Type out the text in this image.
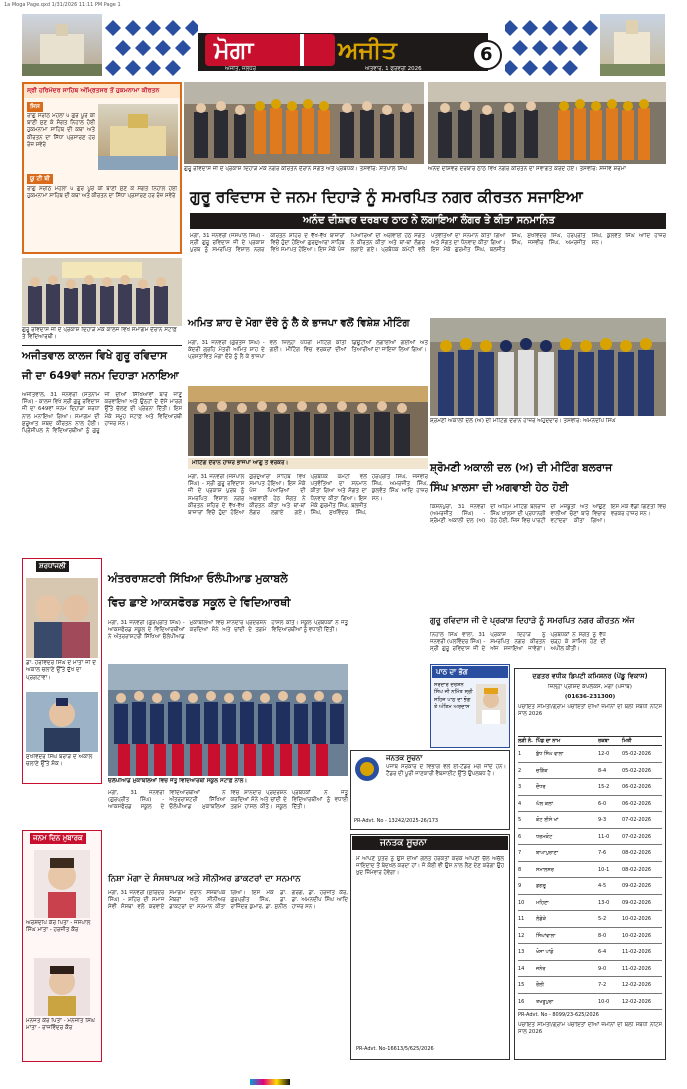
1a Moga Page.qxd 1/31/2026 11:11 PM Page 1
ਮੋਗਾ	ਅਜੀਤ	6
ਅਜੀਤ, ਜਲੰਧਰ	ਐਤਵਾਰ, 1 ਫਰਵਰੀ 2026
ਸ੍ਰੀ ਹਰਿਮੰਦਰ ਸਾਹਿਬ ਅੰਮ੍ਰਿਤਸਰ ਤੋਂ ਹੁਕਮਨਾਮਾ ਕੀਰਤਨ
ਜਿਸ
ਰਾਗੁ ਸੋਰਠਿ ਮਹਲਾ ੫ ਗੁਰ ਪੂਰੇ ਕੀ ਬਾਣੀ ਸੁਣ ਕੇ ਸੰਗਤ ਨਿਹਾਲ ਹੋਈ ਹੁਕਮਨਾਮਾ ਸਾਹਿਬ ਦੀ ਕਥਾ ਅਤੇ ਕੀਰਤਨ ਦਾ ਸਿੱਧਾ ਪ੍ਰਸਾਰਣ ਹਰ ਰੋਜ਼ ਸਵੇਰੇ
ਯੂ ਟੀ ਬੀ
ਰਾਗੁ ਸੋਰਠਿ ਮਹਲਾ ੫ ਗੁਰ ਪੂਰੇ ਕੀ ਬਾਣੀ ਸੁਣ ਕੇ ਸੰਗਤ ਨਿਹਾਲ ਹੋਈ ਹੁਕਮਨਾਮਾ ਸਾਹਿਬ ਦੀ ਕਥਾ ਅਤੇ ਕੀਰਤਨ ਦਾ ਸਿੱਧਾ ਪ੍ਰਸਾਰਣ ਹਰ ਰੋਜ਼ ਸਵੇਰੇ
ਗੁਰੂ ਰਵਿਦਾਸ ਜੀ ਦੇ ਪ੍ਰਕਾਸ਼ ਦਿਹਾੜੇ ਮੌਕੇ ਨਗਰ ਕੀਰਤਨ ਦੌਰਾਨ ਸੰਗਤ ਅਤੇ ਪ੍ਰਬੰਧਕ। ਤਸਵੀਰ: ਸਤਪਾਲ ਸਿੰਘ	ਅਨੰਦ ਦੀਸ਼ਵਰ ਦਰਬਾਰ ਠਾਠ ਵਿਖੇ ਨਗਰ ਕੀਰਤਨ ਦਾ ਸਵਾਗਤ ਕਰਦੇ ਹੋਏ। ਤਸਵੀਰ: ਸੰਜੀਵ ਸ਼ਰਮਾ
ਗੁਰੂ ਰਵਿਦਾਸ ਦੇ ਜਨਮ ਦਿਹਾੜੇ ਨੂੰ ਸਮਰਪਿਤ ਨਗਰ ਕੀਰਤਨ ਸਜਾਇਆ
ਅਨੰਦ ਦੀਸ਼ਵਰ ਦਰਬਾਰ ਠਾਠ ਨੇ ਲਗਾਇਆ ਲੰਗਰ ਤੇ ਕੀਤਾ ਸਨਮਾਨਿਤ
ਮੋਗਾ, 31 ਜਨਵਰੀ (ਜਸਪਾਲ ਸਿੰਘ) - ਸ੍ਰੀ ਗੁਰੂ ਰਵਿਦਾਸ ਜੀ ਦੇ ਪ੍ਰਕਾਸ਼ ਪੁਰਬ ਨੂੰ ਸਮਰਪਿਤ ਵਿਸ਼ਾਲ ਨਗਰ ਕੀਰਤਨ ਸ਼ਹਿਰ ਦੇ ਵੱਖ-ਵੱਖ ਬਾਜ਼ਾਰਾਂ ਵਿਚੋਂ ਹੁੰਦਾ ਹੋਇਆ ਗੁਰਦੁਆਰਾ ਸਾਹਿਬ ਵਿਖੇ ਸਮਾਪਤ ਹੋਇਆ। ਇਸ ਮੌਕੇ ਪੰਜ ਪਿਆਰਿਆਂ ਦੀ ਅਗਵਾਈ ਹੇਠ ਸੰਗਤ ਨੇ ਕੀਰਤਨ ਕੀਤਾ ਅਤੇ ਥਾਂ-ਥਾਂ ਲੰਗਰ ਲਗਾਏ ਗਏ। ਪ੍ਰਬੰਧਕ ਕਮੇਟੀ ਵਲੋਂ ਪਤਵੰਤਿਆਂ ਦਾ ਸਨਮਾਨ ਕੀਤਾ ਗਿਆ ਅਤੇ ਸੰਗਤ ਦਾ ਧੰਨਵਾਦ ਕੀਤਾ ਗਿਆ। ਇਸ ਮੌਕੇ ਗੁਰਮੀਤ ਸਿੰਘ, ਬਲਜੀਤ ਸਿੰਘ, ਸੁਖਵਿੰਦਰ ਸਿੰਘ, ਹਰਪ੍ਰੀਤ ਸਿੰਘ, ਜਸਵੀਰ ਸਿੰਘ, ਅਮਰਜੀਤ ਸਿੰਘ, ਕੁਲਵੰਤ ਸਿੰਘ ਆਦਿ ਹਾਜ਼ਰ ਸਨ।
ਗੁਰੂ ਰਵਿਦਾਸ ਜੀ ਦੇ ਪ੍ਰਕਾਸ਼ ਦਿਹਾੜੇ ਮੌਕੇ ਕਾਲਜ ਵਿਖੇ ਸਮਾਗਮ ਦੌਰਾਨ ਸਟਾਫ਼ ਤੇ ਵਿਦਿਆਰਥੀ।
ਅਜੀਤਵਾਲ ਕਾਲਜ ਵਿਖੇ ਗੁਰੂ ਰਵਿਦਾਸ
ਜੀ ਦਾ 649ਵਾਂ ਜਨਮ ਦਿਹਾੜਾ ਮਨਾਇਆ
ਅਜੀਤਵਾਲ, 31 ਜਨਵਰੀ (ਸਤਨਾਮ ਸਿੰਘ) - ਕਾਲਜ ਵਿਖੇ ਸ੍ਰੀ ਗੁਰੂ ਰਵਿਦਾਸ ਜੀ ਦਾ 649ਵਾਂ ਜਨਮ ਦਿਹਾੜਾ ਸ਼ਰਧਾ ਨਾਲ ਮਨਾਇਆ ਗਿਆ। ਸਮਾਗਮ ਦੀ ਸ਼ੁਰੂਆਤ ਸ਼ਬਦ ਕੀਰਤਨ ਨਾਲ ਹੋਈ। ਪ੍ਰਿੰਸੀਪਲ ਨੇ ਵਿਦਿਆਰਥੀਆਂ ਨੂੰ ਗੁਰੂ ਜੀ ਦੀਆਂ ਸਿੱਖਿਆਵਾਂ ਬਾਰੇ ਜਾਣੂ ਕਰਵਾਇਆ ਅਤੇ ਉਨ੍ਹਾਂ ਦੇ ਦੱਸੇ ਮਾਰਗ ਉੱਤੇ ਚੱਲਣ ਦੀ ਪ੍ਰੇਰਨਾ ਦਿੱਤੀ। ਇਸ ਮੌਕੇ ਸਮੂਹ ਸਟਾਫ਼ ਅਤੇ ਵਿਦਿਆਰਥੀ ਹਾਜ਼ਰ ਸਨ।
ਸ਼ਰਧਾਂਜਲੀ
ਡਾ. ਹਰਵਿੰਦਰ ਸਿੰਘ ਦੇ ਮਾਤਾ ਜੀ ਦੇ ਅਕਾਲ ਚਲਾਣੇ ਉੱਤੇ ਦੁੱਖ ਦਾ ਪ੍ਰਗਟਾਵਾ।
ਸੁਖਵਿੰਦਰ ਸਿੰਘ ਬਰਾੜ ਦੇ ਅਕਾਲ ਚਲਾਣੇ ਉੱਤੇ ਸ਼ੋਕ।
ਜਨਮ ਦਿਨ ਮੁਬਾਰਕ
ਅਰਸ਼ਦੀਪ ਕੌਰ ਪਿਤਾ - ਜਸਪਾਲ ਸਿੰਘ ਮਾਤਾ - ਹਰਜੀਤ ਕੌਰ
ਮਨਜੋਤ ਕੌਰ ਪਿਤਾ - ਮਨਜੀਤ ਸਿੰਘ ਮਾਤਾ - ਰਾਜਵਿੰਦਰ ਕੌਰ
ਅਮਿਤ ਸ਼ਾਹ ਦੇ ਮੋਗਾ ਦੌਰੇ ਨੂੰ ਲੈ ਕੇ ਭਾਜਪਾ ਵਲੋਂ ਵਿਸ਼ੇਸ਼ ਮੀਟਿੰਗ
ਮੋਗਾ, 31 ਜਨਵਰੀ (ਗੁਰਤੇਜ ਸਿੰਘ) - ਕੇਂਦਰੀ ਗ੍ਰਹਿ ਮੰਤਰੀ ਅਮਿਤ ਸ਼ਾਹ ਦੇ ਪ੍ਰਸਤਾਵਿਤ ਮੋਗਾ ਦੌਰੇ ਨੂੰ ਲੈ ਕੇ ਭਾਜਪਾ ਵਲੋਂ ਜ਼ਿਲ੍ਹਾ ਪੱਧਰੀ ਮੀਟਿੰਗ ਕੀਤੀ ਗਈ। ਮੀਟਿੰਗ ਵਿਚ ਵਰਕਰਾਂ ਦੀਆਂ ਡਿਊਟੀਆਂ ਲਗਾਈਆਂ ਗਈਆਂ ਅਤੇ ਤਿਆਰੀਆਂ ਦਾ ਜਾਇਜ਼ਾ ਲਿਆ ਗਿਆ।
ਮੀਟਿੰਗ ਦੌਰਾਨ ਹਾਜ਼ਰ ਭਾਜਪਾ ਆਗੂ ਤੇ ਵਰਕਰ।
ਮੋਗਾ, 31 ਜਨਵਰੀ (ਜਸਪਾਲ ਸਿੰਘ) - ਸ੍ਰੀ ਗੁਰੂ ਰਵਿਦਾਸ ਜੀ ਦੇ ਪ੍ਰਕਾਸ਼ ਪੁਰਬ ਨੂੰ ਸਮਰਪਿਤ ਵਿਸ਼ਾਲ ਨਗਰ ਕੀਰਤਨ ਸ਼ਹਿਰ ਦੇ ਵੱਖ-ਵੱਖ ਬਾਜ਼ਾਰਾਂ ਵਿਚੋਂ ਹੁੰਦਾ ਹੋਇਆ ਗੁਰਦੁਆਰਾ ਸਾਹਿਬ ਵਿਖੇ ਸਮਾਪਤ ਹੋਇਆ। ਇਸ ਮੌਕੇ ਪੰਜ ਪਿਆਰਿਆਂ ਦੀ ਅਗਵਾਈ ਹੇਠ ਸੰਗਤ ਨੇ ਕੀਰਤਨ ਕੀਤਾ ਅਤੇ ਥਾਂ-ਥਾਂ ਲੰਗਰ ਲਗਾਏ ਗਏ। ਪ੍ਰਬੰਧਕ ਕਮੇਟੀ ਵਲੋਂ ਪਤਵੰਤਿਆਂ ਦਾ ਸਨਮਾਨ ਕੀਤਾ ਗਿਆ ਅਤੇ ਸੰਗਤ ਦਾ ਧੰਨਵਾਦ ਕੀਤਾ ਗਿਆ। ਇਸ ਮੌਕੇ ਗੁਰਮੀਤ ਸਿੰਘ, ਬਲਜੀਤ ਸਿੰਘ, ਸੁਖਵਿੰਦਰ ਸਿੰਘ, ਹਰਪ੍ਰੀਤ ਸਿੰਘ, ਜਸਵੀਰ ਸਿੰਘ, ਅਮਰਜੀਤ ਸਿੰਘ, ਕੁਲਵੰਤ ਸਿੰਘ ਆਦਿ ਹਾਜ਼ਰ ਸਨ।
ਸ਼੍ਰੋਮਣੀ ਅਕਾਲੀ ਦਲ (ਅ) ਦੀ ਮੀਟਿੰਗ ਦੌਰਾਨ ਹਾਜ਼ਰ ਅਹੁਦੇਦਾਰ। ਤਸਵੀਰ: ਅਮਨਦੀਪ ਸਿੰਘ
ਸ਼੍ਰੋਮਣੀ ਅਕਾਲੀ ਦਲ (ਅ) ਦੀ ਮੀਟਿੰਗ ਬਲਰਾਜ
ਸਿੰਘ ਖ਼ਾਲਸਾ ਦੀ ਅਗਵਾਈ ਹੇਠ ਹੋਈ
ਕਿਸ਼ਨਪੁਰਾ, 31 ਜਨਵਰੀ (ਅਮਰਜੀਤ ਸਿੰਘ) - ਸ਼੍ਰੋਮਣੀ ਅਕਾਲੀ ਦਲ (ਅ) ਦੀ ਅਹਿਮ ਮੀਟਿੰਗ ਬਲਰਾਜ ਸਿੰਘ ਖ਼ਾਲਸਾ ਦੀ ਪ੍ਰਧਾਨਗੀ ਹੇਠ ਹੋਈ, ਜਿਸ ਵਿਚ ਪਾਰਟੀ ਦੀ ਮਜ਼ਬੂਤੀ ਅਤੇ ਆਉਣ ਵਾਲੀਆਂ ਚੋਣਾਂ ਬਾਰੇ ਵਿਚਾਰ ਵਟਾਂਦਰਾ ਕੀਤਾ ਗਿਆ। ਇਸ ਮੌਕੇ ਵੱਡੀ ਗਿਣਤੀ ਵਿਚ ਵਰਕਰ ਹਾਜ਼ਰ ਸਨ।
ਗੁਰੂ ਰਵਿਦਾਸ ਜੀ ਦੇ ਪ੍ਰਕਾਸ਼ ਦਿਹਾੜੇ ਨੂੰ ਸਮਰਪਿਤ ਨਗਰ ਕੀਰਤਨ ਅੱਜ
ਨਿਹਾਲ ਸਿੰਘ ਵਾਲਾ, 31 ਜਨਵਰੀ (ਪਲਵਿੰਦਰ ਸਿੰਘ) - ਸ੍ਰੀ ਗੁਰੂ ਰਵਿਦਾਸ ਜੀ ਦੇ ਪ੍ਰਕਾਸ਼ ਦਿਹਾੜੇ ਨੂੰ ਸਮਰਪਿਤ ਨਗਰ ਕੀਰਤਨ ਅੱਜ ਸਜਾਇਆ ਜਾਵੇਗਾ। ਪ੍ਰਬੰਧਕਾਂ ਨੇ ਸੰਗਤ ਨੂੰ ਵੱਧ ਚੜ੍ਹ ਕੇ ਸ਼ਾਮਿਲ ਹੋਣ ਦੀ ਅਪੀਲ ਕੀਤੀ।
ਅੰਤਰਰਾਸ਼ਟਰੀ ਸਿੱਖਿਆ ਓਲੰਪੀਆਡ ਮੁਕਾਬਲੇ
ਵਿਚ ਛਾਏ ਆਕਸਫੋਰਡ ਸਕੂਲ ਦੇ ਵਿਦਿਆਰਥੀ
ਮੋਗਾ, 31 ਜਨਵਰੀ (ਗੁਰਪ੍ਰੀਤ ਸਿੰਘ) - ਆਕਸਫੋਰਡ ਸਕੂਲ ਦੇ ਵਿਦਿਆਰਥੀਆਂ ਨੇ ਅੰਤਰਰਾਸ਼ਟਰੀ ਸਿੱਖਿਆ ਓਲੰਪੀਆਡ ਮੁਕਾਬਲਿਆਂ ਵਿਚ ਸ਼ਾਨਦਾਰ ਪ੍ਰਦਰਸ਼ਨ ਕਰਦਿਆਂ ਸੋਨੇ ਅਤੇ ਚਾਂਦੀ ਦੇ ਤਗਮੇ ਹਾਸਲ ਕੀਤੇ। ਸਕੂਲ ਪ੍ਰਬੰਧਕਾਂ ਨੇ ਜੇਤੂ ਵਿਦਿਆਰਥੀਆਂ ਨੂੰ ਵਧਾਈ ਦਿੱਤੀ।
ਓਲੰਪੀਆਡ ਮੁਕਾਬਲਿਆਂ ਵਿਚ ਜੇਤੂ ਵਿਦਿਆਰਥੀ ਸਕੂਲ ਸਟਾਫ਼ ਨਾਲ।
ਮੋਗਾ, 31 ਜਨਵਰੀ (ਗੁਰਪ੍ਰੀਤ ਸਿੰਘ) - ਆਕਸਫੋਰਡ ਸਕੂਲ ਦੇ ਵਿਦਿਆਰਥੀਆਂ ਨੇ ਅੰਤਰਰਾਸ਼ਟਰੀ ਸਿੱਖਿਆ ਓਲੰਪੀਆਡ ਮੁਕਾਬਲਿਆਂ ਵਿਚ ਸ਼ਾਨਦਾਰ ਪ੍ਰਦਰਸ਼ਨ ਕਰਦਿਆਂ ਸੋਨੇ ਅਤੇ ਚਾਂਦੀ ਦੇ ਤਗਮੇ ਹਾਸਲ ਕੀਤੇ। ਸਕੂਲ ਪ੍ਰਬੰਧਕਾਂ ਨੇ ਜੇਤੂ ਵਿਦਿਆਰਥੀਆਂ ਨੂੰ ਵਧਾਈ ਦਿੱਤੀ।
ਨਿਸ਼ਾ ਮੋਗਾ ਦੇ ਸੰਸਥਾਪਕ ਅਤੇ ਸੀਨੀਅਰ ਡਾਕਟਰਾਂ ਦਾ ਸਨਮਾਨ
ਮੋਗਾ, 31 ਜਨਵਰੀ (ਸੁਰਿੰਦਰ ਸਿੰਘ) - ਸ਼ਹਿਰ ਦੀ ਸਮਾਜ ਸੇਵੀ ਸੰਸਥਾ ਵਲੋਂ ਕਰਵਾਏ ਸਮਾਗਮ ਦੌਰਾਨ ਸੰਸਥਾਪਕ ਮੈਂਬਰਾਂ ਅਤੇ ਸੀਨੀਅਰ ਡਾਕਟਰਾਂ ਦਾ ਸਨਮਾਨ ਕੀਤਾ ਗਿਆ। ਇਸ ਮੌਕੇ ਡਾ. ਗੁਰਪ੍ਰੀਤ ਸਿੰਘ, ਡਾ. ਰਾਜਿੰਦਰ ਕੁਮਾਰ, ਡਾ. ਸੁਨੀਲ ਗਰਗ, ਡਾ. ਹਰਜੀਤ ਕੌਰ, ਡਾ. ਅਮਨਦੀਪ ਸਿੰਘ ਆਦਿ ਹਾਜ਼ਰ ਸਨ।
ਪਾਠ ਦਾ ਭੋਗ
ਸਰਦਾਰ ਦਰਸ਼ਨ ਸਿੰਘ ਜੀ ਨਮਿੱਤ ਸ੍ਰੀ ਸਹਿਜ ਪਾਠ ਦਾ ਭੋਗ ਤੇ ਅੰਤਿਮ ਅਰਦਾਸ
ਜਨਤਕ ਸੂਚਨਾ
ਪੰਜਾਬ ਸਰਕਾਰ ਦੇ ਵਿਭਾਗ ਵਲੋਂ ਈ-ਟੈਂਡਰ ਮੰਗੇ ਜਾਂਦੇ ਹਨ। ਟੈਂਡਰ ਦੀ ਪੂਰੀ ਜਾਣਕਾਰੀ ਵੈਬਸਾਈਟ ਉੱਤੇ ਉਪਲਬਧ ਹੈ।
PR-Advt. No - 13242/2025-26/173
ਜਨਤਕ ਸੂਚਨਾ
ਮੈਂ ਆਪਣੇ ਪੁੱਤਰ ਨੂੰ ਉਸ ਦੀਆਂ ਗਲਤ ਹਰਕਤਾਂ ਕਰਕੇ ਆਪਣੀ ਚੱਲ ਅਚੱਲ ਜਾਇਦਾਦ ਤੋਂ ਬੇਦਖਲ ਕਰਦਾ ਹਾਂ। ਜੋ ਕੋਈ ਵੀ ਉਸ ਨਾਲ ਲੈਣ ਦੇਣ ਕਰੇਗਾ ਉਹ ਖੁਦ ਜ਼ਿੰਮੇਵਾਰ ਹੋਵੇਗਾ।
PR-Advt. No-16613/5/625/2026
ਦਫ਼ਤਰ ਵਧੀਕ ਡਿਪਟੀ ਕਮਿਸ਼ਨਰ (ਪੇਂਡੂ ਵਿਕਾਸ)
ਜ਼ਿਲ੍ਹਾ ਪ੍ਰੀਸ਼ਦ ਕੰਪਲੈਕਸ, ਮੋਗਾ (ਪੰਜਾਬ)
(01636-231300)
ਪੰਚਾਇਤ ਸਮਿਤੀ/ਗ੍ਰਾਮ ਪੰਚਾਇਤਾਂ ਦੀਆਂ ਜ਼ਮੀਨਾਂ ਦੀ ਬੋਲੀ ਸਬੰਧੀ ਨੋਟਿਸ ਸਾਲ 2026
ਲੜੀ ਨੰ. ਪਿੰਡ ਦਾ ਨਾਮ	ਰਕਬਾ	ਮਿਤੀ
1	ਬੁੱਧ ਸਿੰਘ ਵਾਲਾ	12-0	05-02-2026
2	ਚੜਿੱਕ	8-4	05-02-2026
3	ਦੌਧਰ	15-2	06-02-2026
4	ਘੱਲ ਕਲਾਂ	6-0	06-02-2026
5	ਕੋਟ ਈਸੇ ਖਾਂ	9-3	07-02-2026
6	ਧਰਮਕੋਟ	11-0	07-02-2026
7	ਬਾਘਾਪੁਰਾਣਾ	7-6	08-02-2026
8	ਸਮਾਲਸਰ	10-1	08-02-2026
9	ਡਗਰੂ	4-5	09-02-2026
10	ਮਹਿਣਾ	13-0	09-02-2026
11	ਲੰਡੇਕੇ	5-2	10-02-2026
12	ਸਿੰਘਾਂਵਾਲਾ	8-0	10-02-2026
13	ਖੋਸਾ ਪਾਂਡੋ	6-4	11-02-2026
14	ਜਨੇਰ	9-0	11-02-2026
15	ਰੌਲੀ	7-2	12-02-2026
16	ਤਖਤੂਪੁਰਾ	10-0	12-02-2026
PR-Advt. No - 8099/23-625/2026
ਪੰਚਾਇਤ ਸਮਿਤੀ/ਗ੍ਰਾਮ ਪੰਚਾਇਤਾਂ ਦੀਆਂ ਜ਼ਮੀਨਾਂ ਦੀ ਬੋਲੀ ਸਬੰਧੀ ਨੋਟਿਸ ਸਾਲ 2026
